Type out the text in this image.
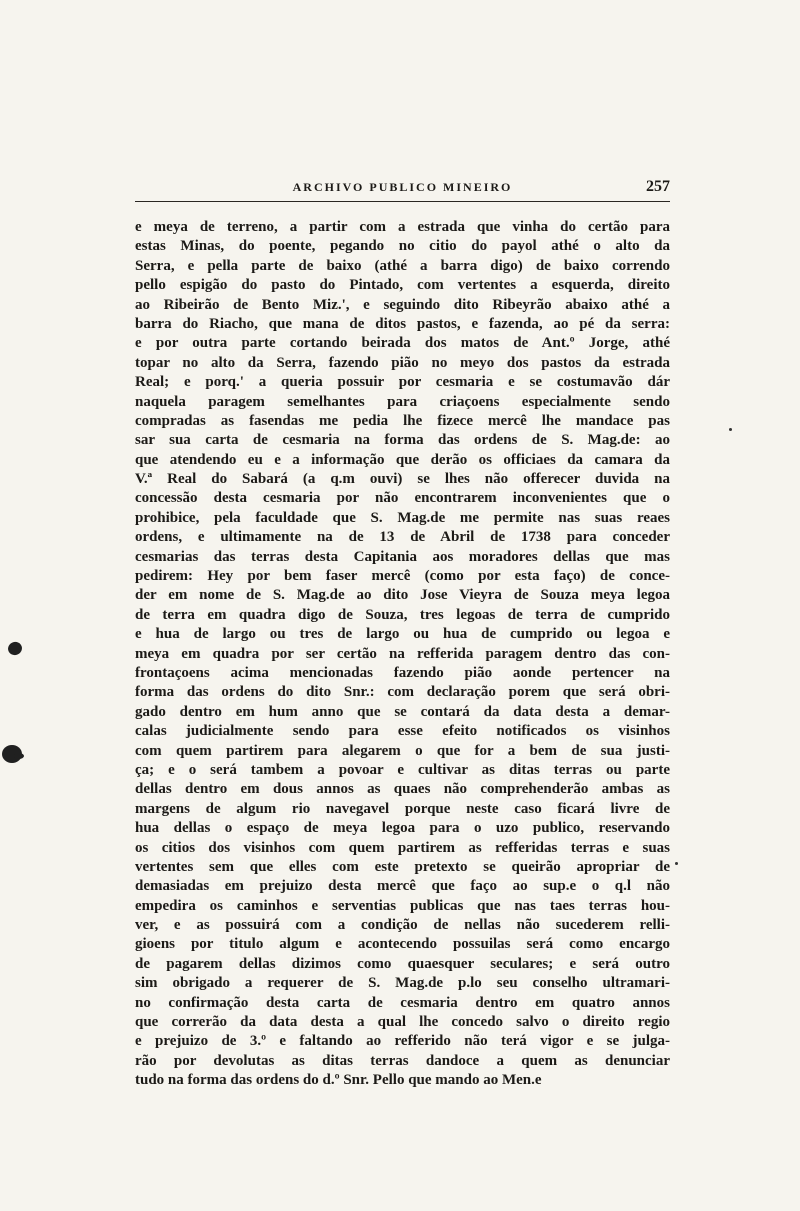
ARCHIVO PUBLICO MINEIRO	257
e meya de terreno, a partir com a estrada que vinha do certão para
estas Minas, do poente, pegando no citio do payol athé o alto da
Serra, e pella parte de baixo (athé a barra digo) de baixo correndo
pello espigão do pasto do Pintado, com vertentes a esquerda, direito
ao Ribeirão de Bento Miz.', e seguindo dito Ribeyrão abaixo athé a
barra do Riacho, que mana de ditos pastos, e fazenda, ao pé da serra:
e por outra parte cortando beirada dos matos de Ant.º Jorge, athé
topar no alto da Serra, fazendo pião no meyo dos pastos da estrada
Real; e porq.' a queria possuir por cesmaria e se costumavão dár
naquela paragem semelhantes para criaçoens especialmente sendo
compradas as fasendas me pedia lhe fizece mercê lhe mandace pas
sar sua carta de cesmaria na forma das ordens de S. Mag.de: ao
que atendendo eu e a informação que derão os officiaes da camara da
V.ª Real do Sabará (a q.m ouvi) se lhes não offerecer duvida na
concessão desta cesmaria por não encontrarem inconvenientes que o
prohibice, pela faculdade que S. Mag.de me permite nas suas reaes
ordens, e ultimamente na de 13 de Abril de 1738 para conceder
cesmarias das terras desta Capitania aos moradores dellas que mas
pedirem: Hey por bem faser mercê (como por esta faço) de conce-
der em nome de S. Mag.de ao dito Jose Vieyra de Souza meya legoa
de terra em quadra digo de Souza, tres legoas de terra de cumprido
e hua de largo ou tres de largo ou hua de cumprido ou legoa e
meya em quadra por ser certão na refferida paragem dentro das con-
frontaçoens acima mencionadas fazendo pião aonde pertencer na
forma das ordens do dito Snr.: com declaração porem que será obri-
gado dentro em hum anno que se contará da data desta a demar-
calas judicialmente sendo para esse efeito notificados os visinhos
com quem partirem para alegarem o que for a bem de sua justi-
ça; e o será tambem a povoar e cultivar as ditas terras ou parte
dellas dentro em dous annos as quaes não comprehenderão ambas as
margens de algum rio navegavel porque neste caso ficará livre de
hua dellas o espaço de meya legoa para o uzo publico, reservando
os citios dos visinhos com quem partirem as refferidas terras e suas
vertentes sem que elles com este pretexto se queirão apropriar de
demasiadas em prejuizo desta mercê que faço ao sup.e o q.l não
empedira os caminhos e serventias publicas que nas taes terras hou-
ver, e as possuirá com a condição de nellas não sucederem relli-
gioens por titulo algum e acontecendo possuilas será como encargo
de pagarem dellas dizimos como quaesquer seculares; e será outro
sim obrigado a requerer de S. Mag.de p.lo seu conselho ultramari-
no confirmação desta carta de cesmaria dentro em quatro annos
que correrão da data desta a qual lhe concedo salvo o direito regio
e prejuizo de 3.º e faltando ao refferido não terá vigor e se julga-
rão por devolutas as ditas terras dandoce a quem as denunciar
tudo na forma das ordens do d.º Snr. Pello que mando ao Men.e
